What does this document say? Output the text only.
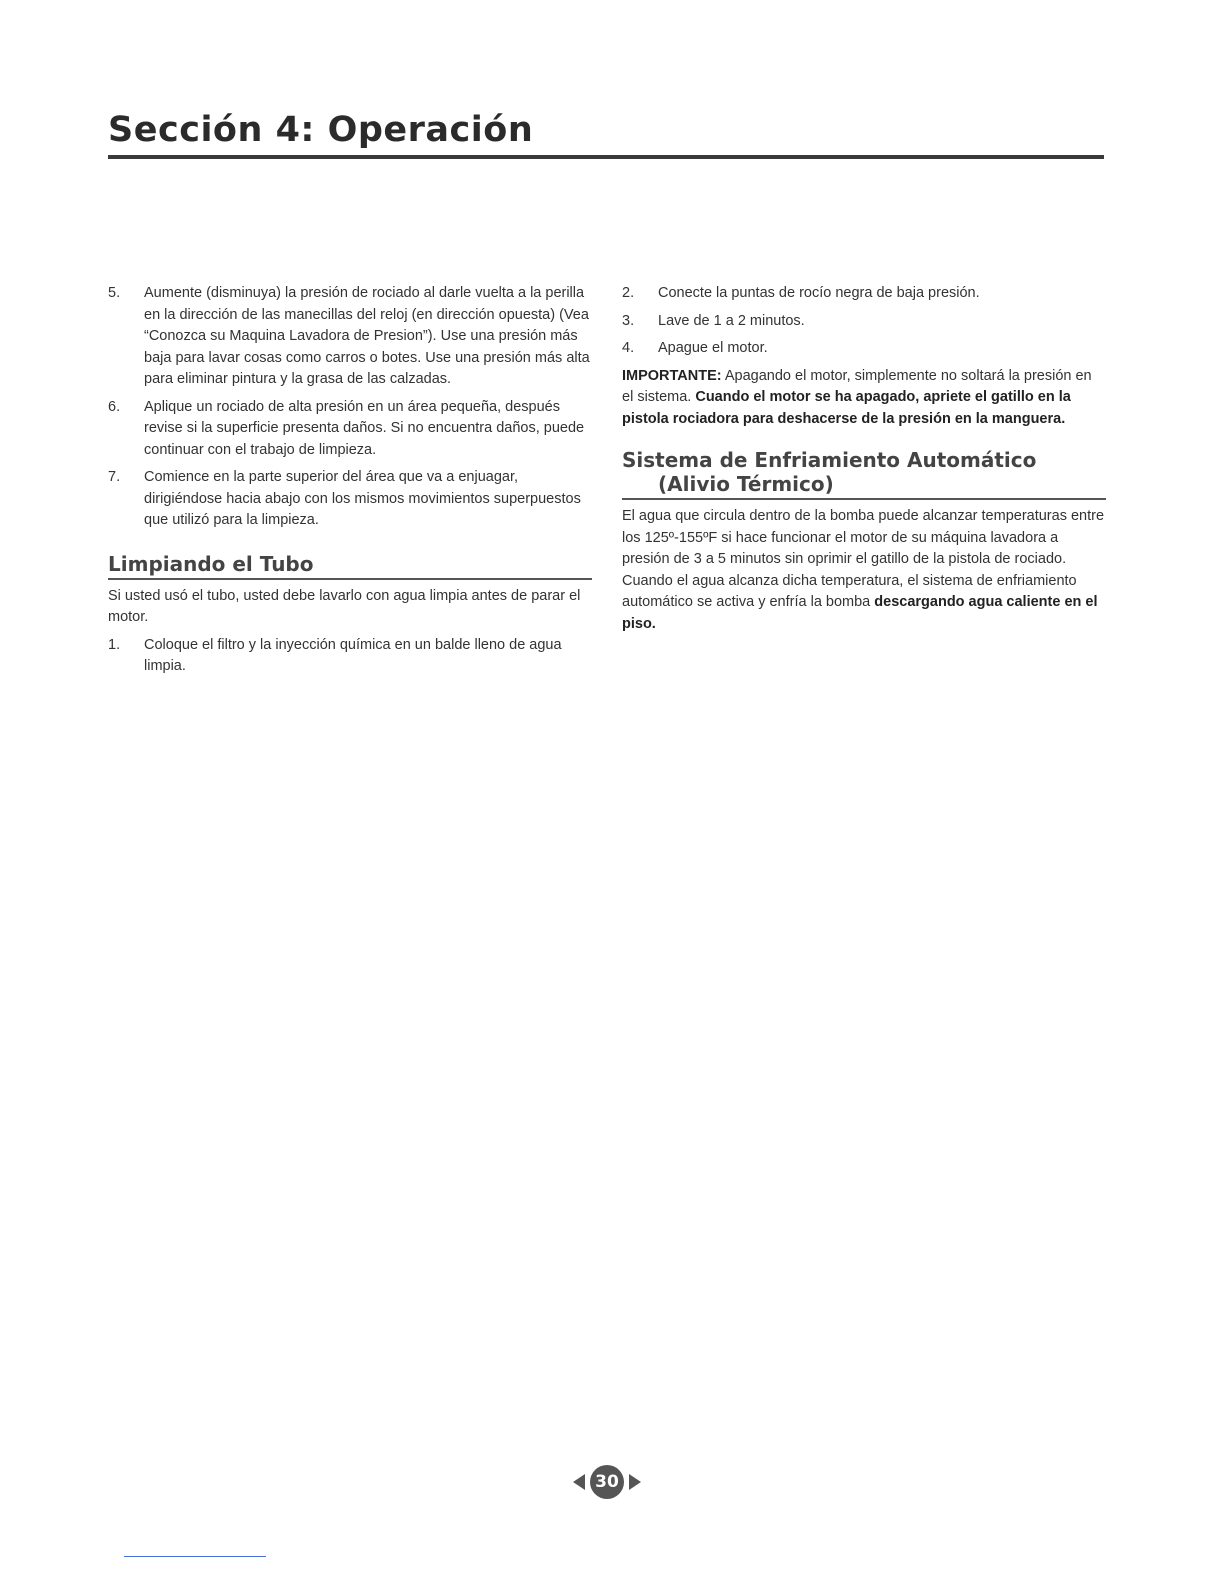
Sección 4: Operación
5. Aumente (disminuya) la presión de rociado al darle vuelta a la perilla en la dirección de las manecillas del reloj (en dirección opuesta) (Vea “Conozca su Maquina Lavadora de Presion”). Use una presión más baja para lavar cosas como carros o botes. Use una presión más alta para eliminar pintura y la grasa de las calzadas.
6. Aplique un rociado de alta presión en un área pequeña, después revise si la superficie presenta daños. Si no encuentra daños, puede continuar con el trabajo de limpieza.
7. Comience en la parte superior del área que va a enjuagar, dirigiéndose hacia abajo con los mismos movimientos superpuestos que utilizó para la limpieza.
Limpiando el Tubo

Si usted usó el tubo, usted debe lavarlo con agua limpia antes de parar el motor.

1. Coloque el filtro y la inyección química en un balde lleno de agua limpia.
2. Conecte la puntas de rocío negra de baja presión.
3. Lave de 1 a 2 minutos.
4. Apague el motor.

IMPORTANTE: Apagando el motor, simplemente no soltará la presión en el sistema. Cuando el motor se ha apagado, apriete el gatillo en la pistola rociadora para deshacerse de la presión en la manguera.

Sistema de Enfriamiento Automático
(Alivio Térmico)

El agua que circula dentro de la bomba puede alcanzar temperaturas entre los 125º-155ºF si hace funcionar el motor de su máquina lavadora a presión de 3 a 5 minutos sin oprimir el gatillo de la pistola de rociado. Cuando el agua alcanza dicha temperatura, el sistema de enfriamiento automático se activa y enfría la bomba descargando agua caliente en el piso.

30
